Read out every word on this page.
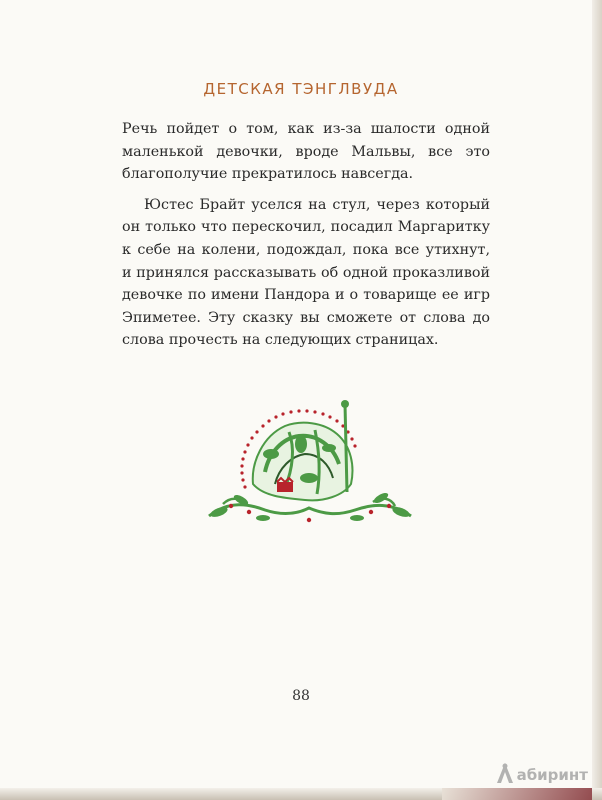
ДЕТСКАЯ ТЭНГЛВУДА

Речь пойдет о том, как из-за шалости одной маленькой девочки, вроде Мальвы, все это благополучие прекратилось навсегда.

Юстес Брайт уселся на стул, через который он только что перескочил, посадил Маргаритку к себе на колени, подождал, пока все утихнут, и принялся рассказывать об одной проказливой девочке по имени Пандора и о товарище ее игр Эпиметее. Эту сказку вы сможете от слова до слова прочесть на следующих страницах.

88
абиринт
